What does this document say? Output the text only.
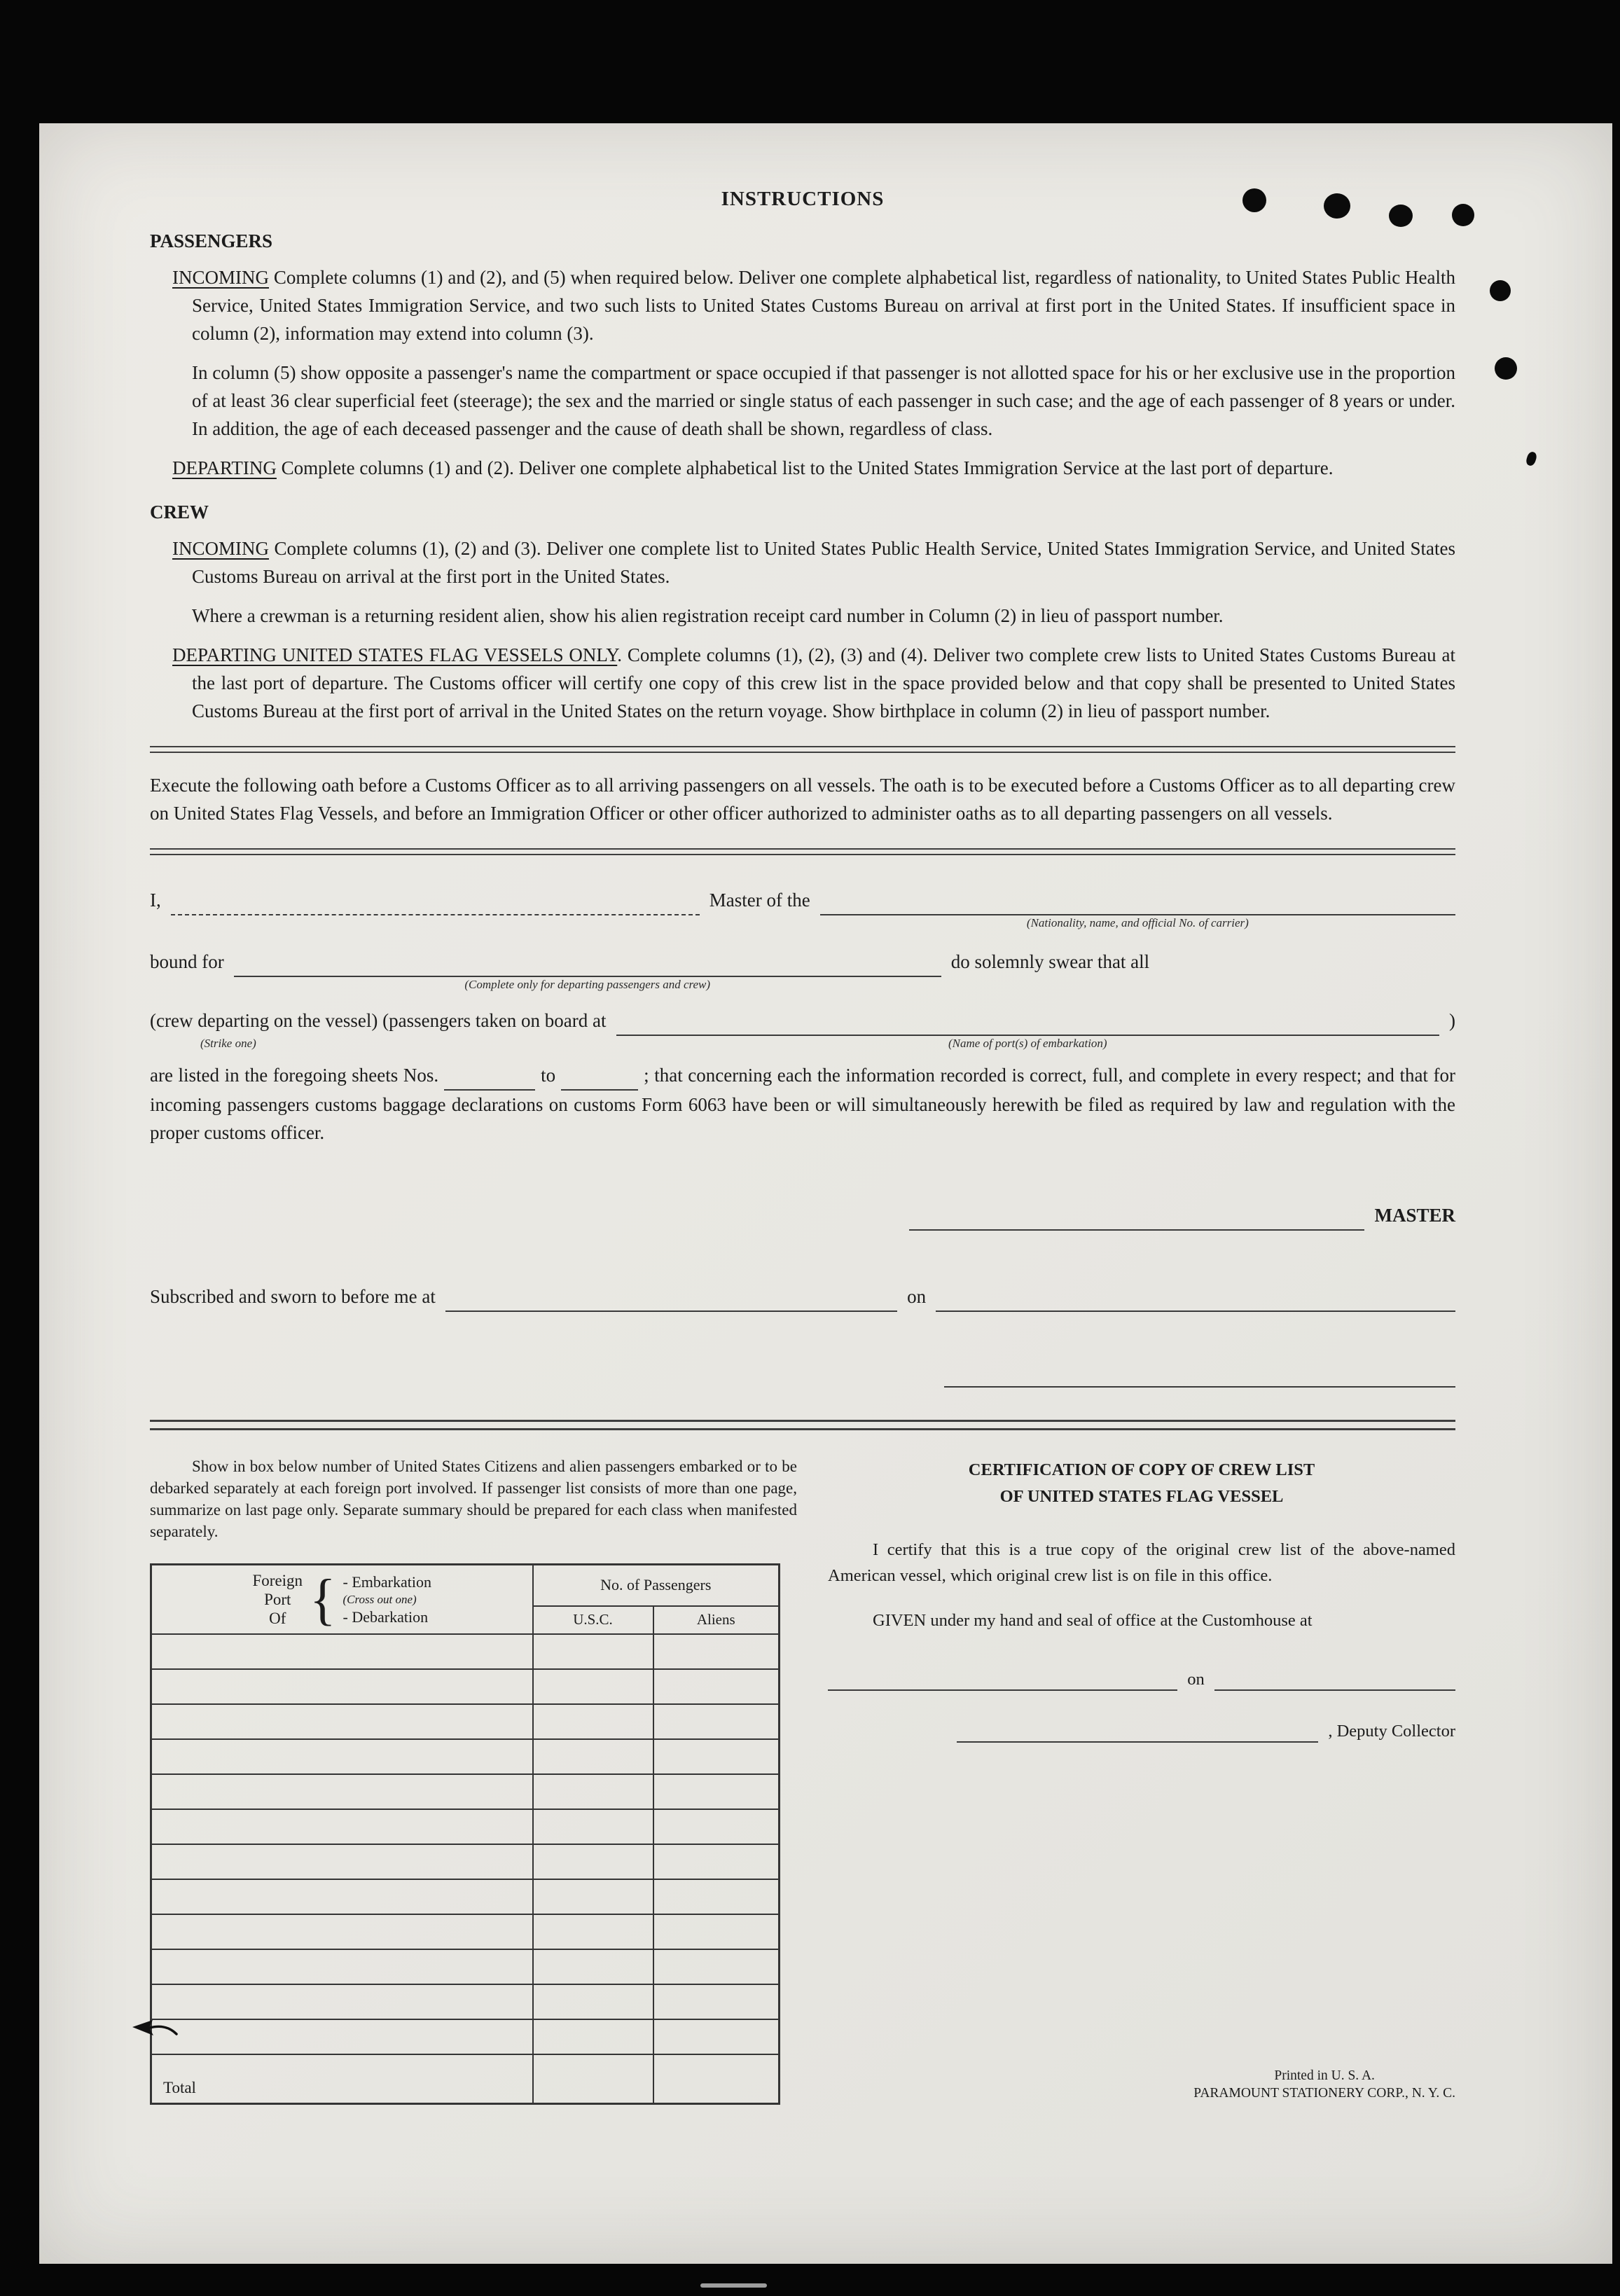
INSTRUCTIONS
PASSENGERS

INCOMING Complete columns (1) and (2), and (5) when required below. Deliver one complete alphabetical list, regardless of nationality, to United States Public Health Service, United States Immigration Service, and two such lists to United States Customs Bureau on arrival at first port in the United States. If insufficient space in column (2), information may extend into column (3).

In column (5) show opposite a passenger's name the compartment or space occupied if that passenger is not allotted space for his or her exclusive use in the proportion of at least 36 clear superficial feet (steerage); the sex and the married or single status of each passenger in such case; and the age of each passenger of 8 years or under. In addition, the age of each deceased passenger and the cause of death shall be shown, regardless of class.

DEPARTING Complete columns (1) and (2). Deliver one complete alphabetical list to the United States Immigration Service at the last port of departure.

CREW

INCOMING Complete columns (1), (2) and (3). Deliver one complete list to United States Public Health Service, United States Immigration Service, and United States Customs Bureau on arrival at the first port in the United States.

Where a crewman is a returning resident alien, show his alien registration receipt card number in Column (2) in lieu of passport number.

DEPARTING UNITED STATES FLAG VESSELS ONLY. Complete columns (1), (2), (3) and (4). Deliver two complete crew lists to United States Customs Bureau at the last port of departure. The Customs officer will certify one copy of this crew list in the space provided below and that copy shall be presented to United States Customs Bureau at the first port of arrival in the United States on the return voyage. Show birthplace in column (2) in lieu of passport number.

Execute the following oath before a Customs Officer as to all arriving passengers on all vessels. The oath is to be executed before a Customs Officer as to all departing crew on United States Flag Vessels, and before an Immigration Officer or other officer authorized to administer oaths as to all departing passengers on all vessels.

I,	Master of the
(Nationality, name, and official No. of carrier)
bound for
(Complete only for departing passengers and crew)
do solemnly swear that all
(crew departing on the vessel) (passengers taken on board at
(Strike one)	(Name of port(s) of embarkation)
)

are listed in the foregoing sheets Nos.	to	; that concerning each the information recorded is correct, full, and complete in every respect; and that for incoming passengers customs baggage declarations on customs Form 6063 have been or will simultaneously herewith be filed as required by law and regulation with the proper customs officer.

MASTER
Subscribed and sworn to before me at	on

Show in box below number of United States Citizens and alien passengers embarked or to be debarked separately at each foreign port involved. If passenger list consists of more than one page, summarize on last page only. Separate summary should be prepared for each class when manifested separately.

Foreign
Port
Of { - Embarkation
(Cross out one)
- Debarkation
	No. of Passengers
	U.S.C.	Aliens

Total		
CERTIFICATION OF COPY OF CREW LIST
OF UNITED STATES FLAG VESSEL

I certify that this is a true copy of the original crew list of the above-named American vessel, which original crew list is on file in this office.

GIVEN under my hand and seal of office at the Customhouse at

on
, Deputy Collector
Printed in U. S. A.
PARAMOUNT STATIONERY CORP., N. Y. C.
